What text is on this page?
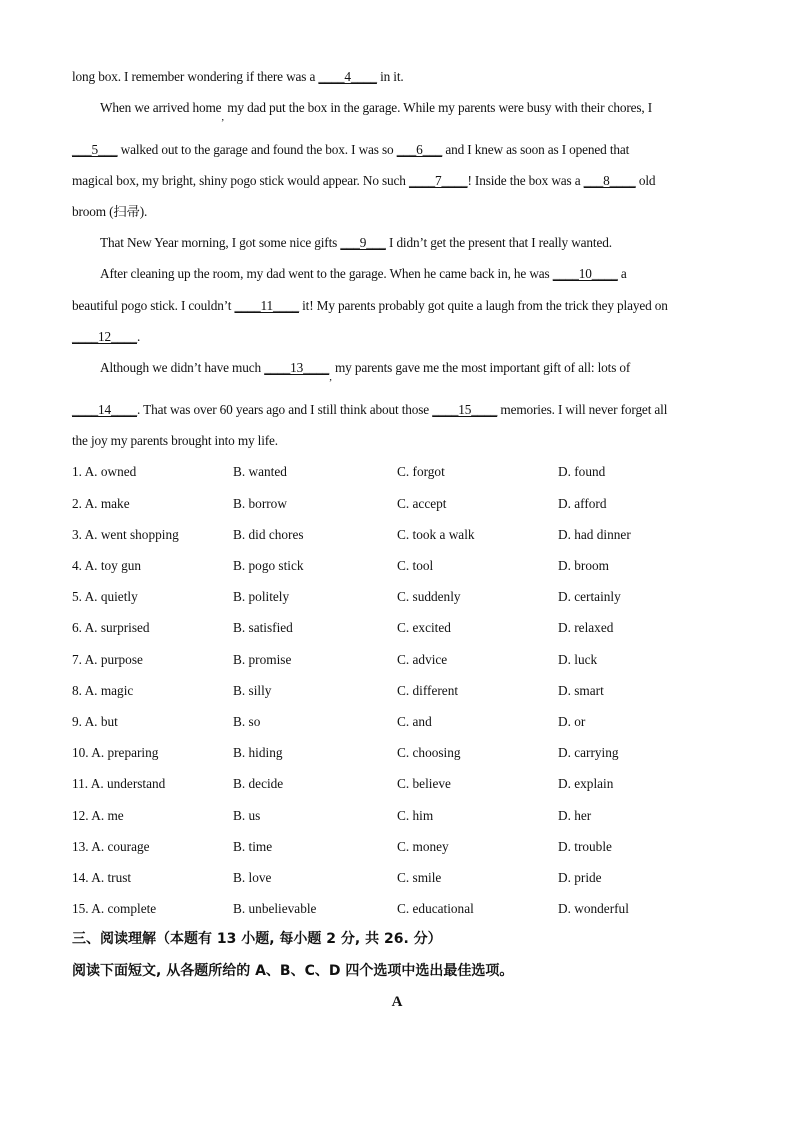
long box. I remember wondering if there was a ____4____ in it.
When we arrived home$_,$ my dad put the box in the garage. While my parents were busy with their chores, I
___5___ walked out to the garage and found the box. I was so ___6___ and I knew as soon as I opened that
magical box, my bright, shiny pogo stick would appear. No such ____7____! Inside the box was a ___8____ old
broom (扫帚).
That New Year morning, I got some nice gifts ___9___ I didn’t get the present that I really wanted.
After cleaning up the room, my dad went to the garage. When he came back in, he was ____10____ a
beautiful pogo stick. I couldn’t ____11____ it! My parents probably got quite a laugh from the trick they played on
____12____.
Although we didn’t have much $\_\_\_\_13\_\_\_\__,$ my parents gave me the most important gift of all: lots of
____14____. That was over 60 years ago and I still think about those ____15____ memories. I will never forget all
the joy my parents brought into my life.
1. A. owned	B. wanted	C. forgot	D. found
2. A. make	B. borrow	C. accept	D. afford
3. A. went shopping	B. did chores	C. took a walk	D. had dinner
4. A. toy gun	B. pogo stick	C. tool	D. broom
5. A. quietly	B. politely	C. suddenly	D. certainly
6. A. surprised	B. satisfied	C. excited	D. relaxed
7. A. purpose	B. promise	C. advice	D. luck
8. A. magic	B. silly	C. different	D. smart
9. A. but	B. so	C. and	D. or
10. A. preparing	B. hiding	C. choosing	D. carrying
11. A. understand	B. decide	C. believe	D. explain
12. A. me	B. us	C. him	D. her
13. A. courage	B. time	C. money	D. trouble
14. A. trust	B. love	C. smile	D. pride
15. A. complete	B. unbelievable	C. educational	D. wonderful
三、阅读理解（本题有 13 小题, 每小题 2 分, 共 26. 分）
阅读下面短文, 从各题所给的 A、B、C、D 四个选项中选出最佳选项。
A
